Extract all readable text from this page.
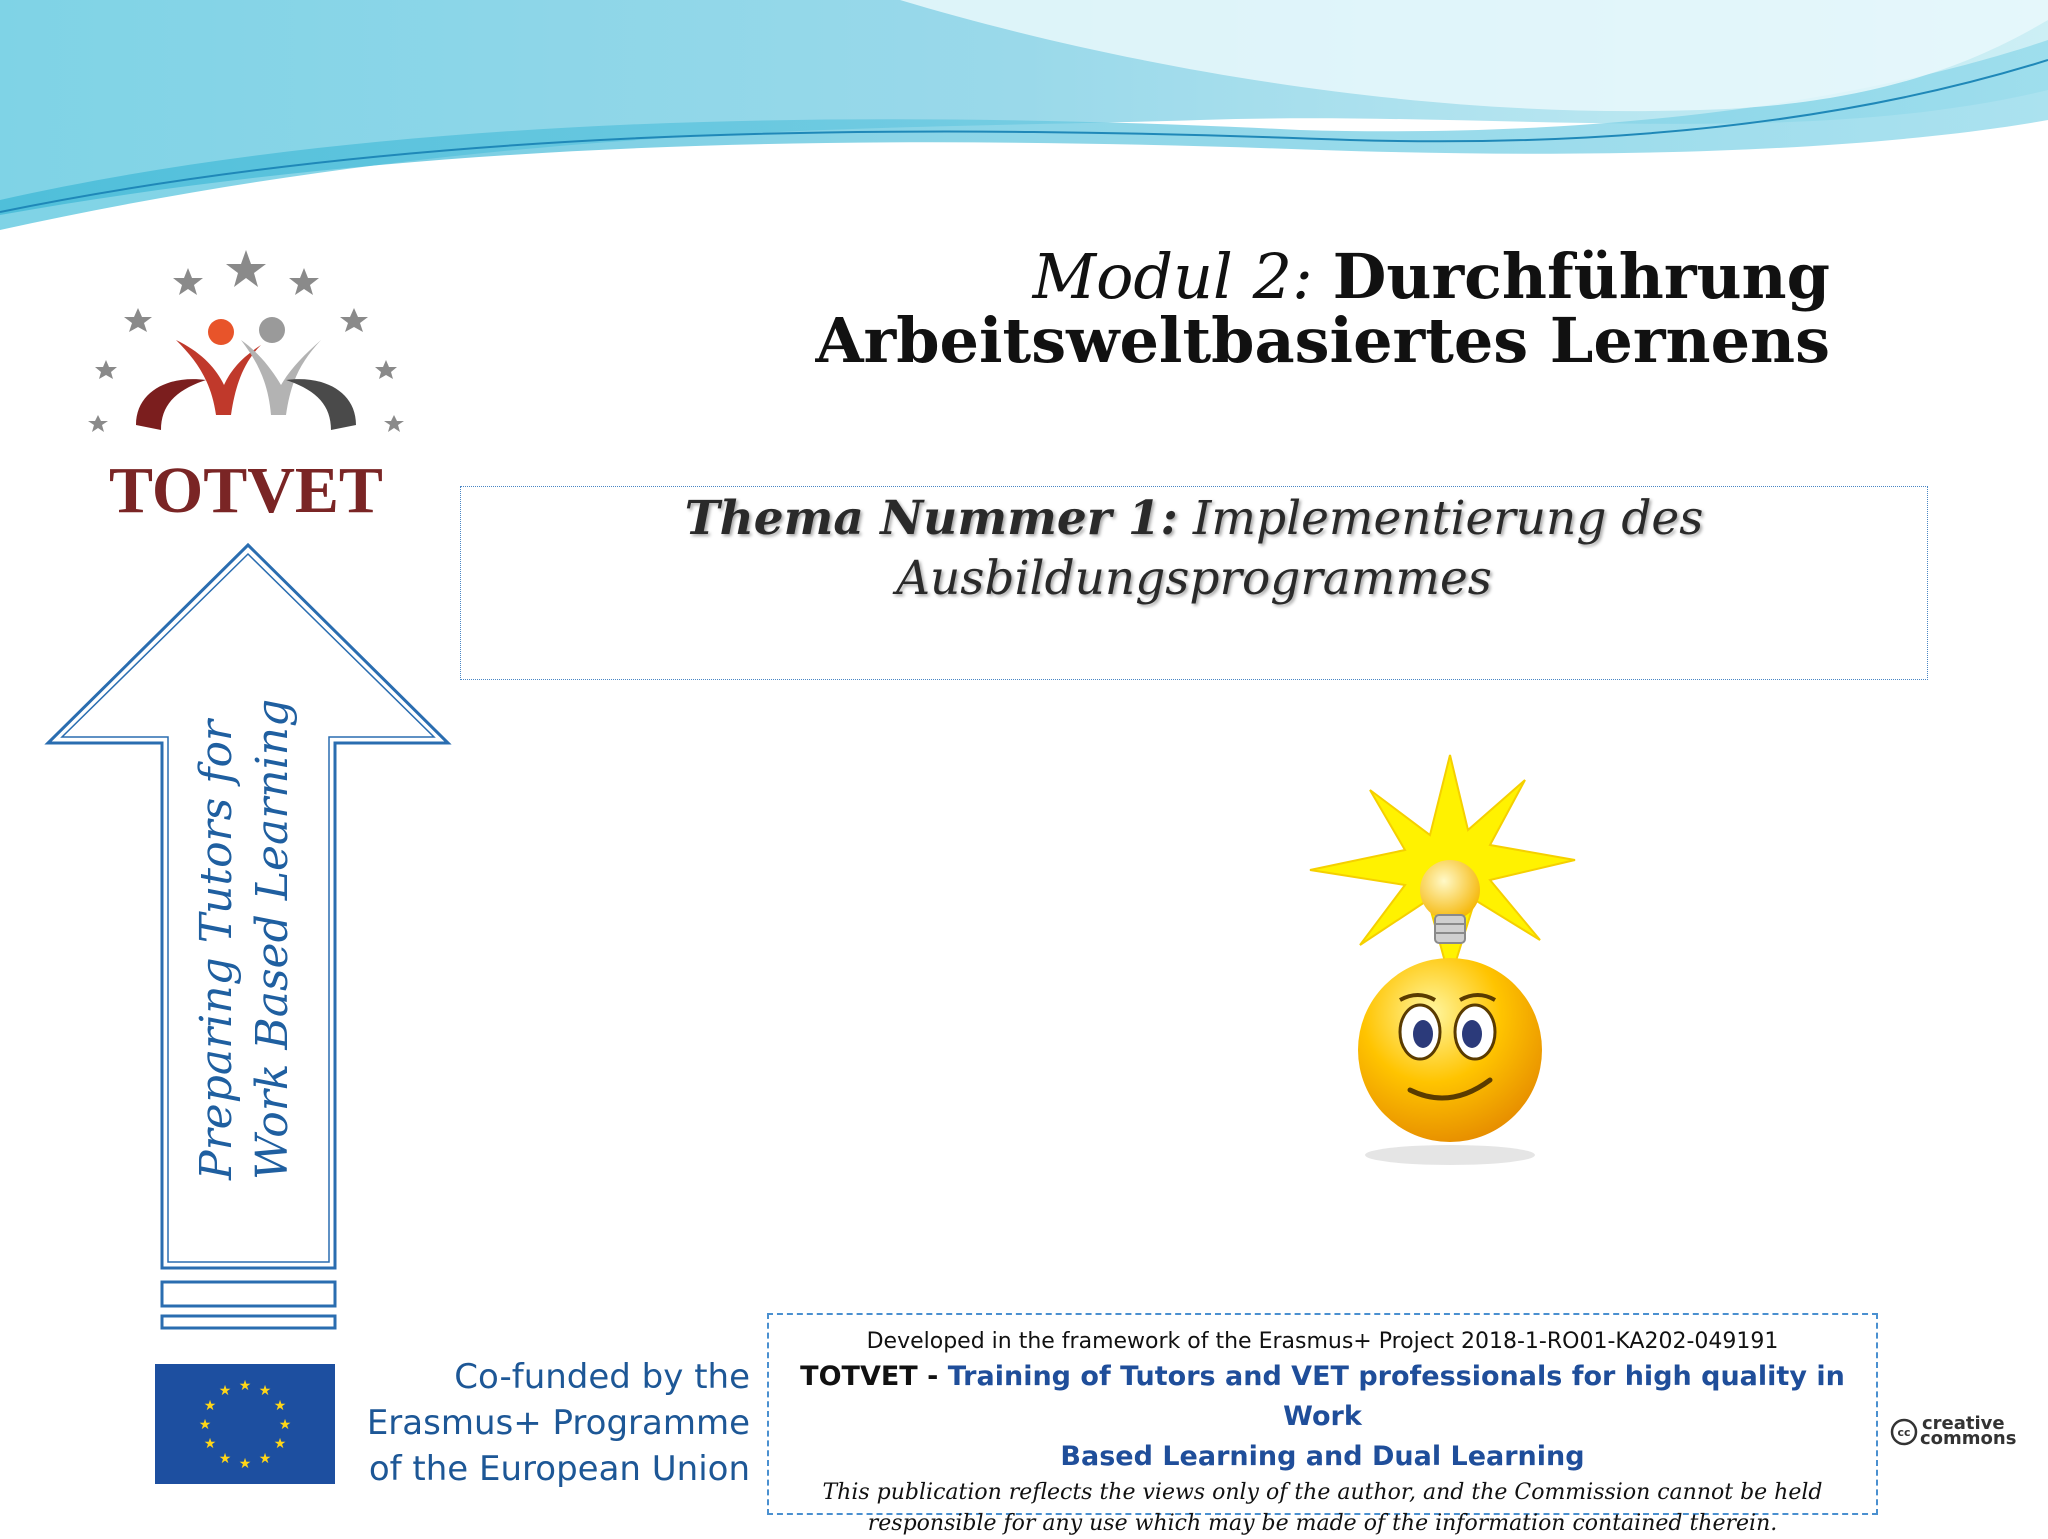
Modul 2: Durchführung
Arbeitsweltbasiertes Lernens
Thema Nummer 1: Implementierung des
Ausbildungsprogrammes
TOTVET
Preparing Tutors for Work Based Learning
★ ★
★
★
★
★
★
★
★
★
★
★	Co-funded by the
Erasmus+ Programme
of the European Union
Developed in the framework of the Erasmus+ Project 2018-1-RO01-KA202-049191
TOTVET - Training of Tutors and VET professionals for high quality in Work
Based Learning and Dual Learning
This publication reflects the views only of the author, and the Commission cannot be held
responsible for any use which may be made of the information contained therein.
cc creative
commons
